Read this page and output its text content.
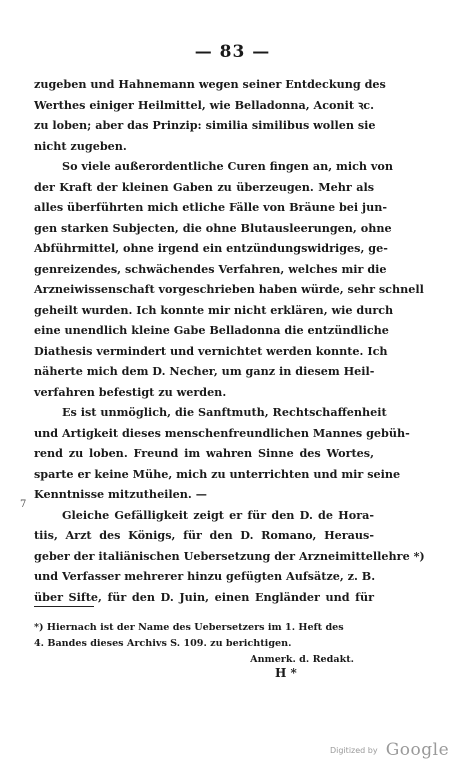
— 83 —
zugeben und Hahnemann wegen seiner Entdeckung des
Werthes einiger Heilmittel, wie Belladonna, Aconit ꝛc.
zu loben; aber das Prinzip: similia similibus wollen sie
nicht zugeben.
So viele außerordentliche Curen fingen an, mich von
der Kraft der kleinen Gaben zu überzeugen. Mehr als
alles überführten mich etliche Fälle von Bräune bei jun-
gen starken Subjecten, die ohne Blutausleerungen, ohne
Abführmittel, ohne irgend ein entzündungswidriges, ge-
genreizendes, schwächendes Verfahren, welches mir die
Arzneiwissenschaft vorgeschrieben haben würde, sehr schnell
geheilt wurden. Ich konnte mir nicht erklären, wie durch
eine unendlich kleine Gabe Belladonna die entzündliche
Diathesis vermindert und vernichtet werden konnte. Ich
näherte mich dem D. Necher, um ganz in diesem Heil-
verfahren befestigt zu werden.
Es ist unmöglich, die Sanftmuth, Rechtschaffenheit
und Artigkeit dieses menschenfreundlichen Mannes gebüh-
rend zu loben. Freund im wahren Sinne des Wortes,
sparte er keine Mühe, mich zu unterrichten und mir seine
Kenntnisse mitzutheilen. —
Gleiche Gefälligkeit zeigt er für den D. de Hora-
tiis, Arzt des Königs, für den D. Romano, Heraus-
geber der italiänischen Uebersetzung der Arzneimittellehre *)
und Verfasser mehrerer hinzu gefügten Aufsätze, z. B.
über Sifte, für den D. Juin, einen Engländer und für
7
*) Hiernach ist der Name des Uebersetzers im 1. Heft des
4. Bandes dieses Archivs S. 109. zu berichtigen.
Anmerk. d. Redakt.
H *
Digitized by Google
